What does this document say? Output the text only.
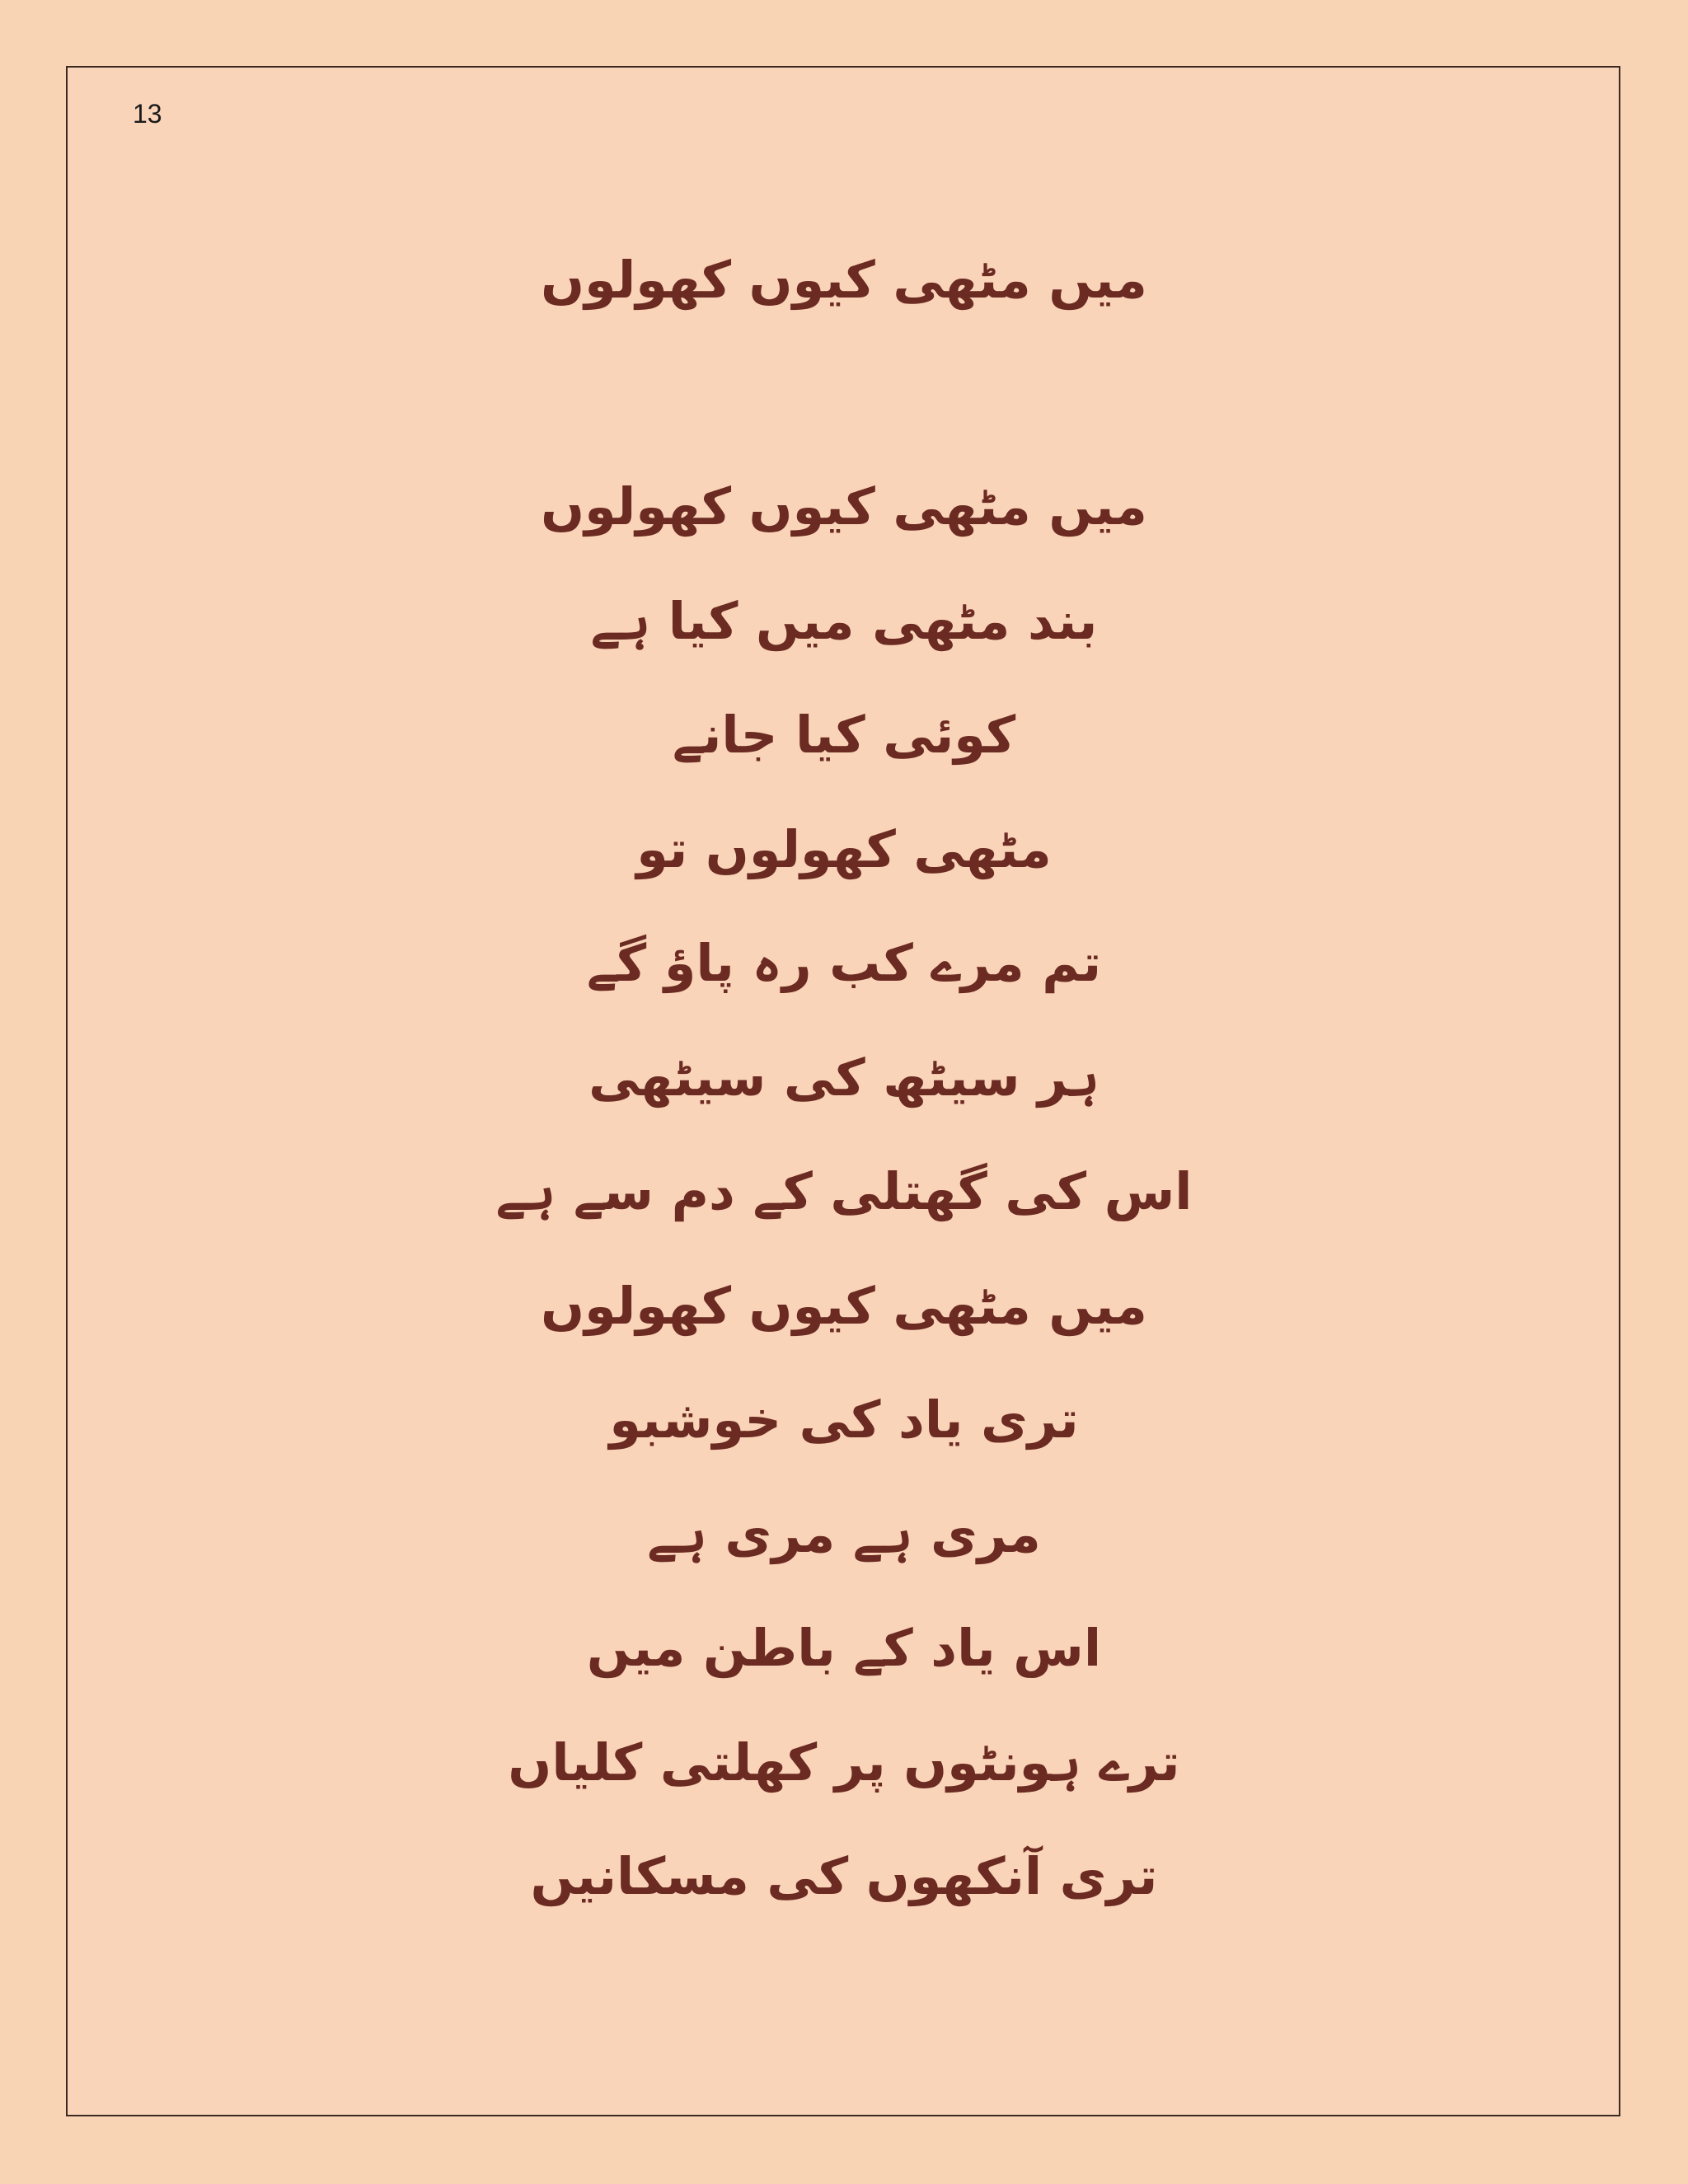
13
میں مٹھی کیوں کھولوں
میں مٹھی کیوں کھولوں
بند مٹھی میں کیا ہے
کوئی کیا جانے
مٹھی کھولوں تو
تم مرے کب رہ پاؤ گے
ہر سیٹھ کی سیٹھی
اس کی گھتلی کے دم سے ہے
میں مٹھی کیوں کھولوں
تری یاد کی خوشبو
مری ہے مری ہے
اس یاد کے باطن میں
ترے ہونٹوں پر کھلتی کلیاں
تری آنکھوں کی مسکانیں
